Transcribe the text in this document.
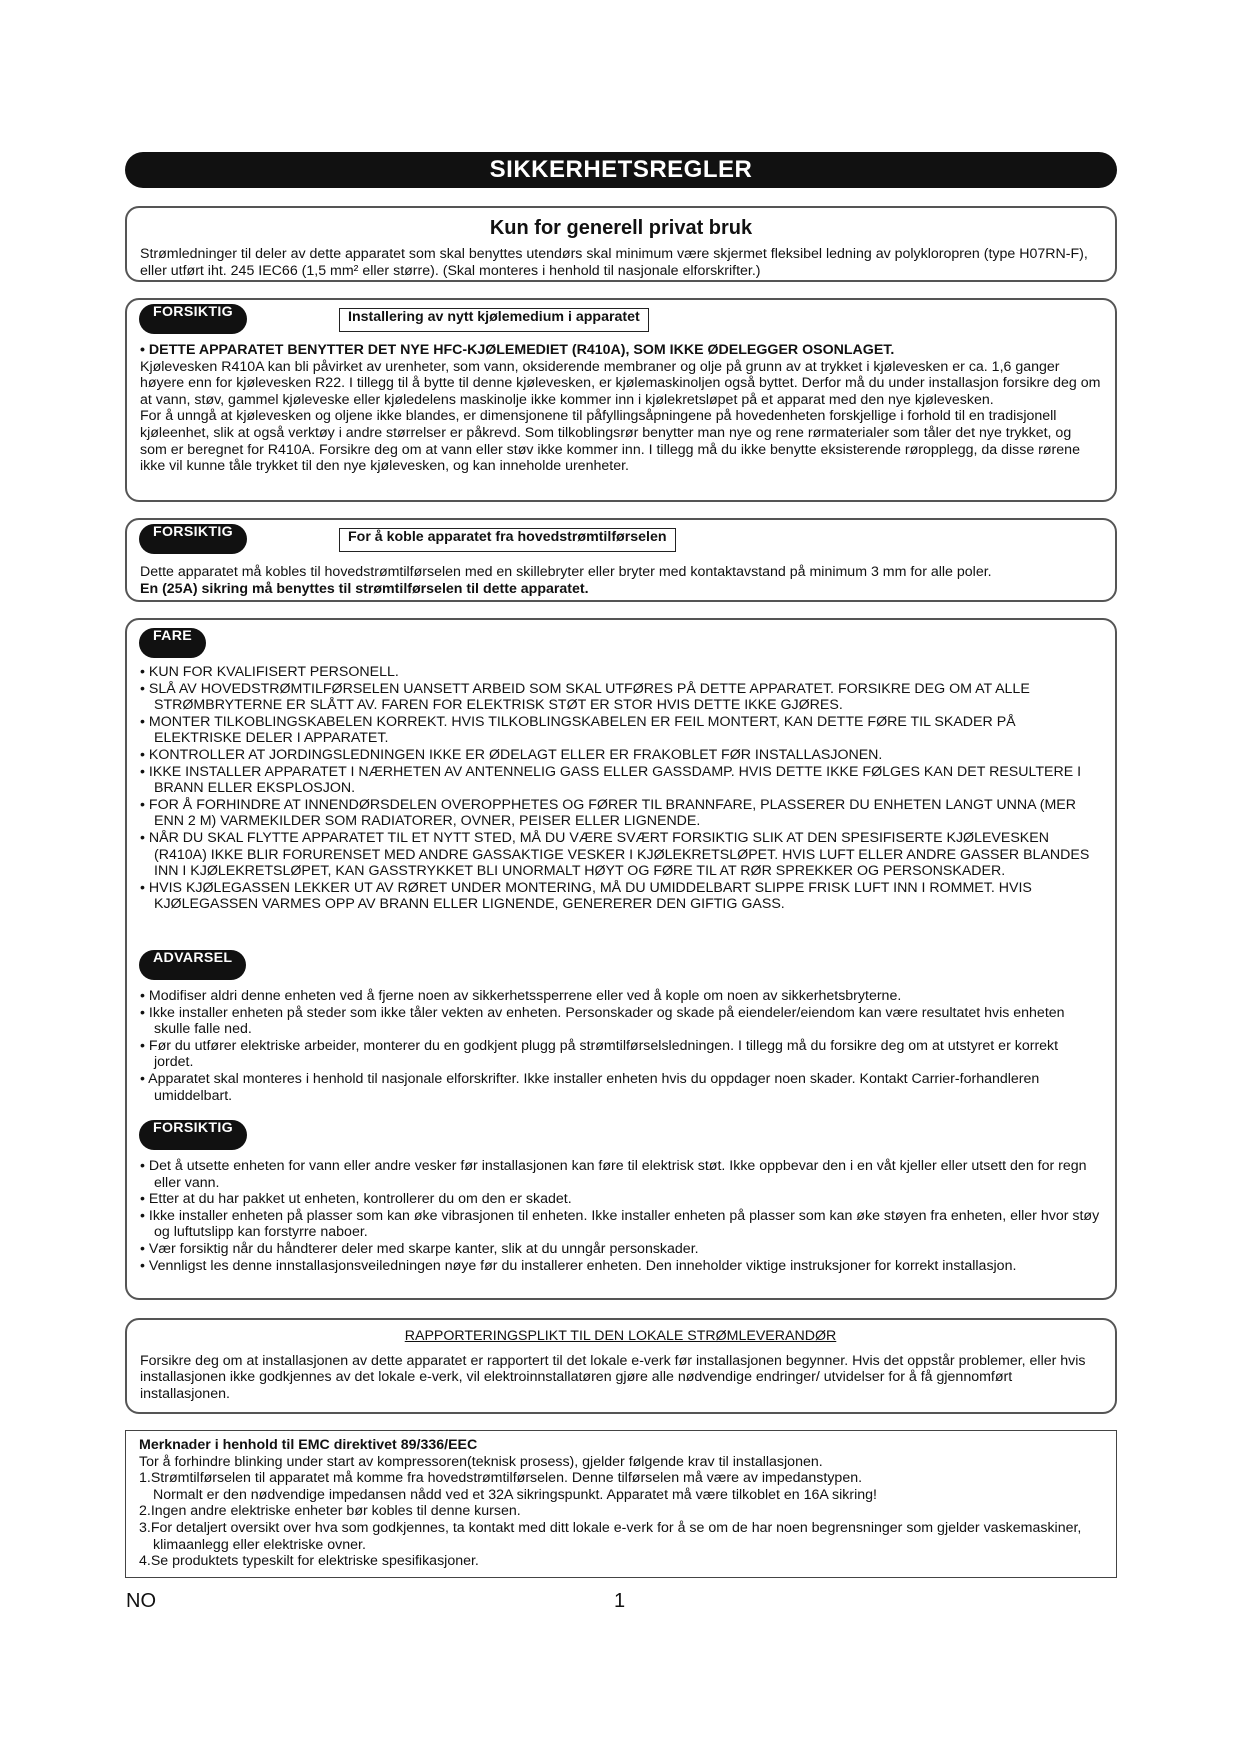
SIKKERHETSREGLER
Kun for generell privat bruk
Strømledninger til deler av dette apparatet som skal benyttes utendørs skal minimum være skjermet fleksibel ledning av polykloropren (type H07RN-F), eller utført iht. 245 IEC66 (1,5 mm² eller større). (Skal monteres i henhold til nasjonale elforskrifter.)
FORSIKTIG	Installering av nytt kjølemedium i apparatet
• DETTE APPARATET BENYTTER DET NYE HFC-KJØLEMEDIET (R410A), SOM IKKE ØDELEGGER OSONLAGET.
Kjølevesken R410A kan bli påvirket av urenheter, som vann, oksiderende membraner og olje på grunn av at trykket i kjølevesken er ca. 1,6 ganger høyere enn for kjølevesken R22. I tillegg til å bytte til denne kjølevesken, er kjølemaskinoljen også byttet. Derfor må du under installasjon forsikre deg om at vann, støv, gammel kjøleveske eller kjøledelens maskinolje ikke kommer inn i kjølekretsløpet på et apparat med den nye kjølevesken.
For å unngå at kjølevesken og oljene ikke blandes, er dimensjonene til påfyllingsåpningene på hovedenheten forskjellige i forhold til en tradisjonell kjøleenhet, slik at også verktøy i andre størrelser er påkrevd. Som tilkoblingsrør benytter man nye og rene rørmaterialer som tåler det nye trykket, og som er beregnet for R410A. Forsikre deg om at vann eller støv ikke kommer inn. I tillegg må du ikke benytte eksisterende røropplegg, da disse rørene ikke vil kunne tåle trykket til den nye kjølevesken, og kan inneholde urenheter.
FORSIKTIG	For å koble apparatet fra hovedstrømtilførselen
Dette apparatet må kobles til hovedstrømtilførselen med en skillebryter eller bryter med kontaktavstand på minimum 3 mm for alle poler.
En (25A) sikring må benyttes til strømtilførselen til dette apparatet.
FARE
• KUN FOR KVALIFISERT PERSONELL.
• SLÅ AV HOVEDSTRØMTILFØRSELEN UANSETT ARBEID SOM SKAL UTFØRES PÅ DETTE APPARATET. FORSIKRE DEG OM AT ALLE STRØMBRYTERNE ER SLÅTT AV. FAREN FOR ELEKTRISK STØT ER STOR HVIS DETTE IKKE GJØRES.
• MONTER TILKOBLINGSKABELEN KORREKT. HVIS TILKOBLINGSKABELEN ER FEIL MONTERT, KAN DETTE FØRE TIL SKADER PÅ ELEKTRISKE DELER I APPARATET.
• KONTROLLER AT JORDINGSLEDNINGEN IKKE ER ØDELAGT ELLER ER FRAKOBLET FØR INSTALLASJONEN.
• IKKE INSTALLER APPARATET I NÆRHETEN AV ANTENNELIG GASS ELLER GASSDAMP. HVIS DETTE IKKE FØLGES KAN DET RESULTERE I BRANN ELLER EKSPLOSJON.
• FOR Å FORHINDRE AT INNENDØRSDELEN OVEROPPHETES OG FØRER TIL BRANNFARE, PLASSERER DU ENHETEN LANGT UNNA (MER ENN 2 M) VARMEKILDER SOM RADIATORER, OVNER, PEISER ELLER LIGNENDE.
• NÅR DU SKAL FLYTTE APPARATET TIL ET NYTT STED, MÅ DU VÆRE SVÆRT FORSIKTIG SLIK AT DEN SPESIFISERTE KJØLEVESKEN (R410A) IKKE BLIR FORURENSET MED ANDRE GASSAKTIGE VESKER I KJØLEKRETSLØPET. HVIS LUFT ELLER ANDRE GASSER BLANDES INN I KJØLEKRETSLØPET, KAN GASSTRYKKET BLI UNORMALT HØYT OG FØRE TIL AT RØR SPREKKER OG PERSONSKADER.
• HVIS KJØLEGASSEN LEKKER UT AV RØRET UNDER MONTERING, MÅ DU UMIDDELBART SLIPPE FRISK LUFT INN I ROMMET. HVIS KJØLEGASSEN VARMES OPP AV BRANN ELLER LIGNENDE, GENERERER DEN GIFTIG GASS.
ADVARSEL
• Modifiser aldri denne enheten ved å fjerne noen av sikkerhetssperrene eller ved å kople om noen av sikkerhetsbryterne.
• Ikke installer enheten på steder som ikke tåler vekten av enheten. Personskader og skade på eiendeler/eiendom kan være resultatet hvis enheten skulle falle ned.
• Før du utfører elektriske arbeider, monterer du en godkjent plugg på strømtilførselsledningen. I tillegg må du forsikre deg om at utstyret er korrekt jordet.
• Apparatet skal monteres i henhold til nasjonale elforskrifter. Ikke installer enheten hvis du oppdager noen skader. Kontakt Carrier-forhandleren umiddelbart.
FORSIKTIG
• Det å utsette enheten for vann eller andre vesker før installasjonen kan føre til elektrisk støt. Ikke oppbevar den i en våt kjeller eller utsett den for regn eller vann.
• Etter at du har pakket ut enheten, kontrollerer du om den er skadet.
• Ikke installer enheten på plasser som kan øke vibrasjonen til enheten. Ikke installer enheten på plasser som kan øke støyen fra enheten, eller hvor støy og luftutslipp kan forstyrre naboer.
• Vær forsiktig når du håndterer deler med skarpe kanter, slik at du unngår personskader.
• Vennligst les denne innstallasjonsveiledningen nøye før du installerer enheten. Den inneholder viktige instruksjoner for korrekt installasjon.
RAPPORTERINGSPLIKT TIL DEN LOKALE STRØMLEVERANDØR
Forsikre deg om at installasjonen av dette apparatet er rapportert til det lokale e-verk før installasjonen begynner. Hvis det oppstår problemer, eller hvis installasjonen ikke godkjennes av det lokale e-verk, vil elektroinnstallatøren gjøre alle nødvendige endringer/ utvidelser for å få gjennomført installasjonen.
Merknader i henhold til EMC direktivet 89/336/EEC
Tor å forhindre blinking under start av kompressoren(teknisk prosess), gjelder følgende krav til installasjonen.
1.Strømtilførselen til apparatet må komme fra hovedstrømtilførselen. Denne tilførselen må være av impedanstypen.
Normalt er den nødvendige impedansen nådd ved et 32A sikringspunkt. Apparatet må være tilkoblet en 16A sikring!
2.Ingen andre elektriske enheter bør kobles til denne kursen.
3.For detaljert oversikt over hva som godkjennes, ta kontakt med ditt lokale e-verk for å se om de har noen begrensninger som gjelder vaskemaskiner, klimaanlegg eller elektriske ovner.
4.Se produktets typeskilt for elektriske spesifikasjoner.
NO	1
